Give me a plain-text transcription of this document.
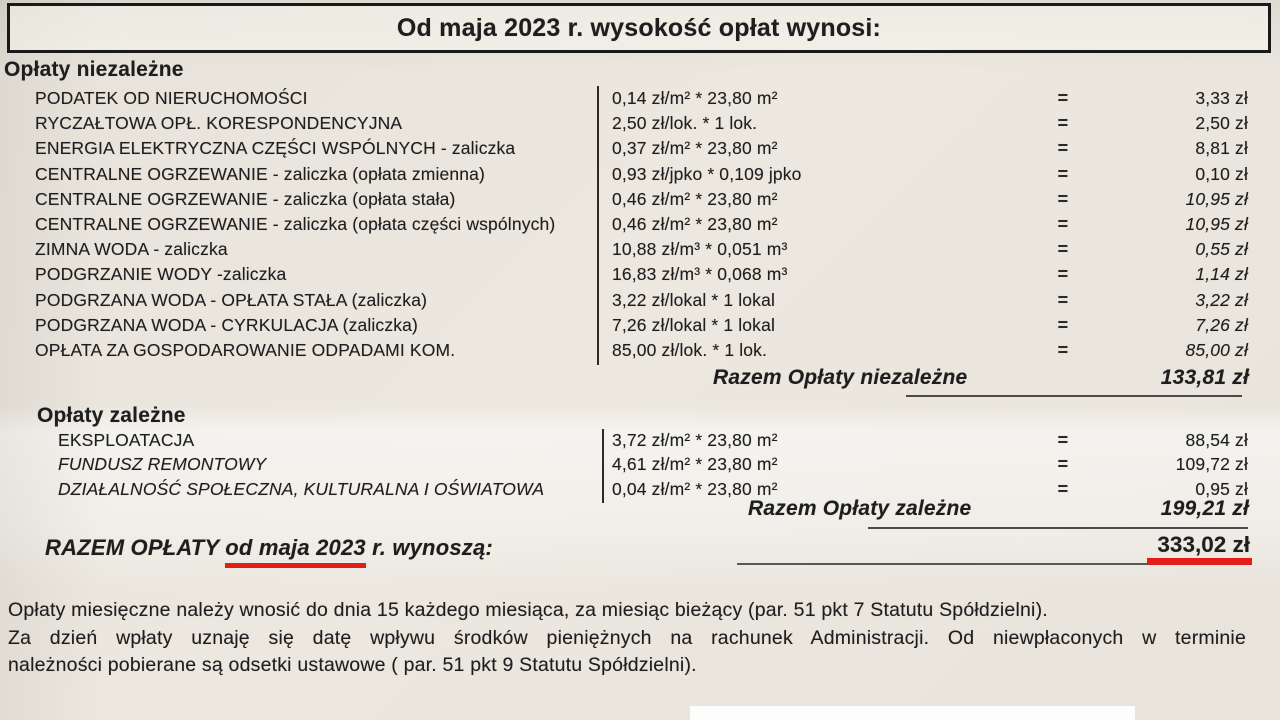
Od maja 2023 r. wysokość opłat wynosi:
Opłaty niezależne
PODATEK OD NIERUCHOMOŚCI	0,14 zł/m² * 23,80 m²	=	3,33 zł
RYCZAŁTOWA OPŁ. KORESPONDENCYJNA	2,50 zł/lok. * 1 lok.	=	2,50 zł
ENERGIA ELEKTRYCZNA CZĘŚCI WSPÓLNYCH - zaliczka	0,37 zł/m² * 23,80 m²	=	8,81 zł
CENTRALNE OGRZEWANIE - zaliczka (opłata zmienna)	0,93 zł/jpko * 0,109 jpko	=	0,10 zł
CENTRALNE OGRZEWANIE - zaliczka (opłata stała)	0,46 zł/m² * 23,80 m²	=	10,95 zł
CENTRALNE OGRZEWANIE - zaliczka (opłata części wspólnych)	0,46 zł/m² * 23,80 m²	=	10,95 zł
ZIMNA WODA - zaliczka	10,88 zł/m³ * 0,051 m³	=	0,55 zł
PODGRZANIE WODY -zaliczka	16,83 zł/m³ * 0,068 m³	=	1,14 zł
PODGRZANA WODA - OPŁATA STAŁA (zaliczka)	3,22 zł/lokal * 1 lokal	=	3,22 zł
PODGRZANA WODA - CYRKULACJA (zaliczka)	7,26 zł/lokal * 1 lokal	=	7,26 zł
OPŁATA ZA GOSPODAROWANIE ODPADAMI KOM.	85,00 zł/lok. * 1 lok.	=	85,00 zł
Razem Opłaty niezależne	133,81 zł
Opłaty zależne
EKSPLOATACJA	3,72 zł/m² * 23,80 m²	=	88,54 zł
FUNDUSZ REMONTOWY	4,61 zł/m² * 23,80 m²	=	109,72 zł
DZIAŁALNOŚĆ SPOŁECZNA, KULTURALNA I OŚWIATOWA	0,04 zł/m² * 23,80 m²	=	0,95 zł
Razem Opłaty zależne	199,21 zł
RAZEM OPŁATY od maja 2023 r. wynoszą:	333,02 zł
Opłaty miesięczne należy wnosić do dnia 15 każdego miesiąca, za miesiąc bieżący (par. 51 pkt 7 Statutu Spółdzielni).
Za dzień wpłaty uznaję się datę wpływu środków pieniężnych na rachunek Administracji. Od niewpłaconych w terminie
należności pobierane są odsetki ustawowe ( par. 51 pkt 9 Statutu Spółdzielni).
